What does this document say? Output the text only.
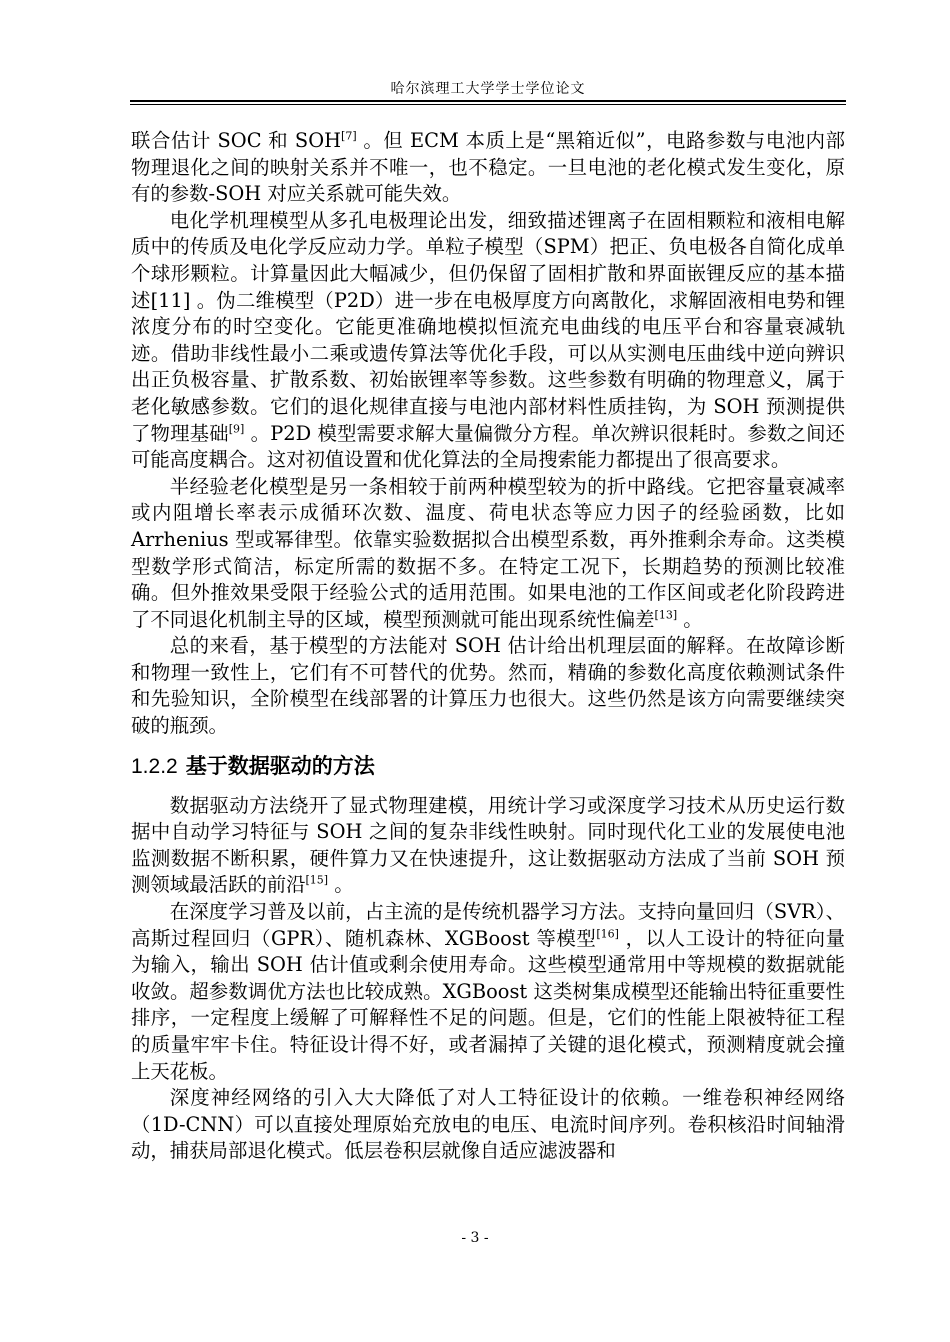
哈尔滨理工大学学士学位论文

联合估计 SOC 和 SOH[7] 。但 ECM 本质上是“黑箱近似”，电路参数与电池内部物理退化之间的映射关系并不唯一，也不稳定。一旦电池的老化模式发生变化，原有的参数-SOH 对应关系就可能失效。

电化学机理模型从多孔电极理论出发，细致描述锂离子在固相颗粒和液相电解质中的传质及电化学反应动力学。单粒子模型（SPM）把正、负电极各自简化成单个球形颗粒。计算量因此大幅减少，但仍保留了固相扩散和界面嵌锂反应的基本描述[11] 。伪二维模型（P2D）进一步在电极厚度方向离散化，求解固液相电势和锂浓度分布的时空变化。它能更准确地模拟恒流充电曲线的电压平台和容量衰减轨迹。借助非线性最小二乘或遗传算法等优化手段，可以从实测电压曲线中逆向辨识出正负极容量、扩散系数、初始嵌锂率等参数。这些参数有明确的物理意义，属于老化敏感参数。它们的退化规律直接与电池内部材料性质挂钩，为 SOH 预测提供了物理基础[9] 。P2D 模型需要求解大量偏微分方程。单次辨识很耗时。参数之间还可能高度耦合。这对初值设置和优化算法的全局搜索能力都提出了很高要求。

半经验老化模型是另一条相较于前两种模型较为的折中路线。它把容量衰减率或内阻增长率表示成循环次数、温度、荷电状态等应力因子的经验函数，比如 Arrhenius 型或幂律型。依靠实验数据拟合出模型系数，再外推剩余寿命。这类模型数学形式简洁，标定所需的数据不多。在特定工况下，长期趋势的预测比较准确。但外推效果受限于经验公式的适用范围。如果电池的工作区间或老化阶段跨进了不同退化机制主导的区域，模型预测就可能出现系统性偏差[13] 。

总的来看，基于模型的方法能对 SOH 估计给出机理层面的解释。在故障诊断和物理一致性上，它们有不可替代的优势。然而，精确的参数化高度依赖测试条件和先验知识，全阶模型在线部署的计算压力也很大。这些仍然是该方向需要继续突破的瓶颈。

1.2.2 基于数据驱动的方法

数据驱动方法绕开了显式物理建模，用统计学习或深度学习技术从历史运行数据中自动学习特征与 SOH 之间的复杂非线性映射。同时现代化工业的发展使电池监测数据不断积累，硬件算力又在快速提升，这让数据驱动方法成了当前 SOH 预测领域最活跃的前沿[15] 。

在深度学习普及以前，占主流的是传统机器学习方法。支持向量回归（SVR）、高斯过程回归（GPR）、随机森林、XGBoost 等模型[16] ，以人工设计的特征向量为输入，输出 SOH 估计值或剩余使用寿命。这些模型通常用中等规模的数据就能收敛。超参数调优方法也比较成熟。XGBoost 这类树集成模型还能输出特征重要性排序，一定程度上缓解了可解释性不足的问题。但是，它们的性能上限被特征工程的质量牢牢卡住。特征设计得不好，或者漏掉了关键的退化模式，预测精度就会撞上天花板。

深度神经网络的引入大大降低了对人工特征设计的依赖。一维卷积神经网络（1D-CNN）可以直接处理原始充放电的电压、电流时间序列。卷积核沿时间轴滑动，捕获局部退化模式。低层卷积层就像自适应滤波器和

- 3 -
